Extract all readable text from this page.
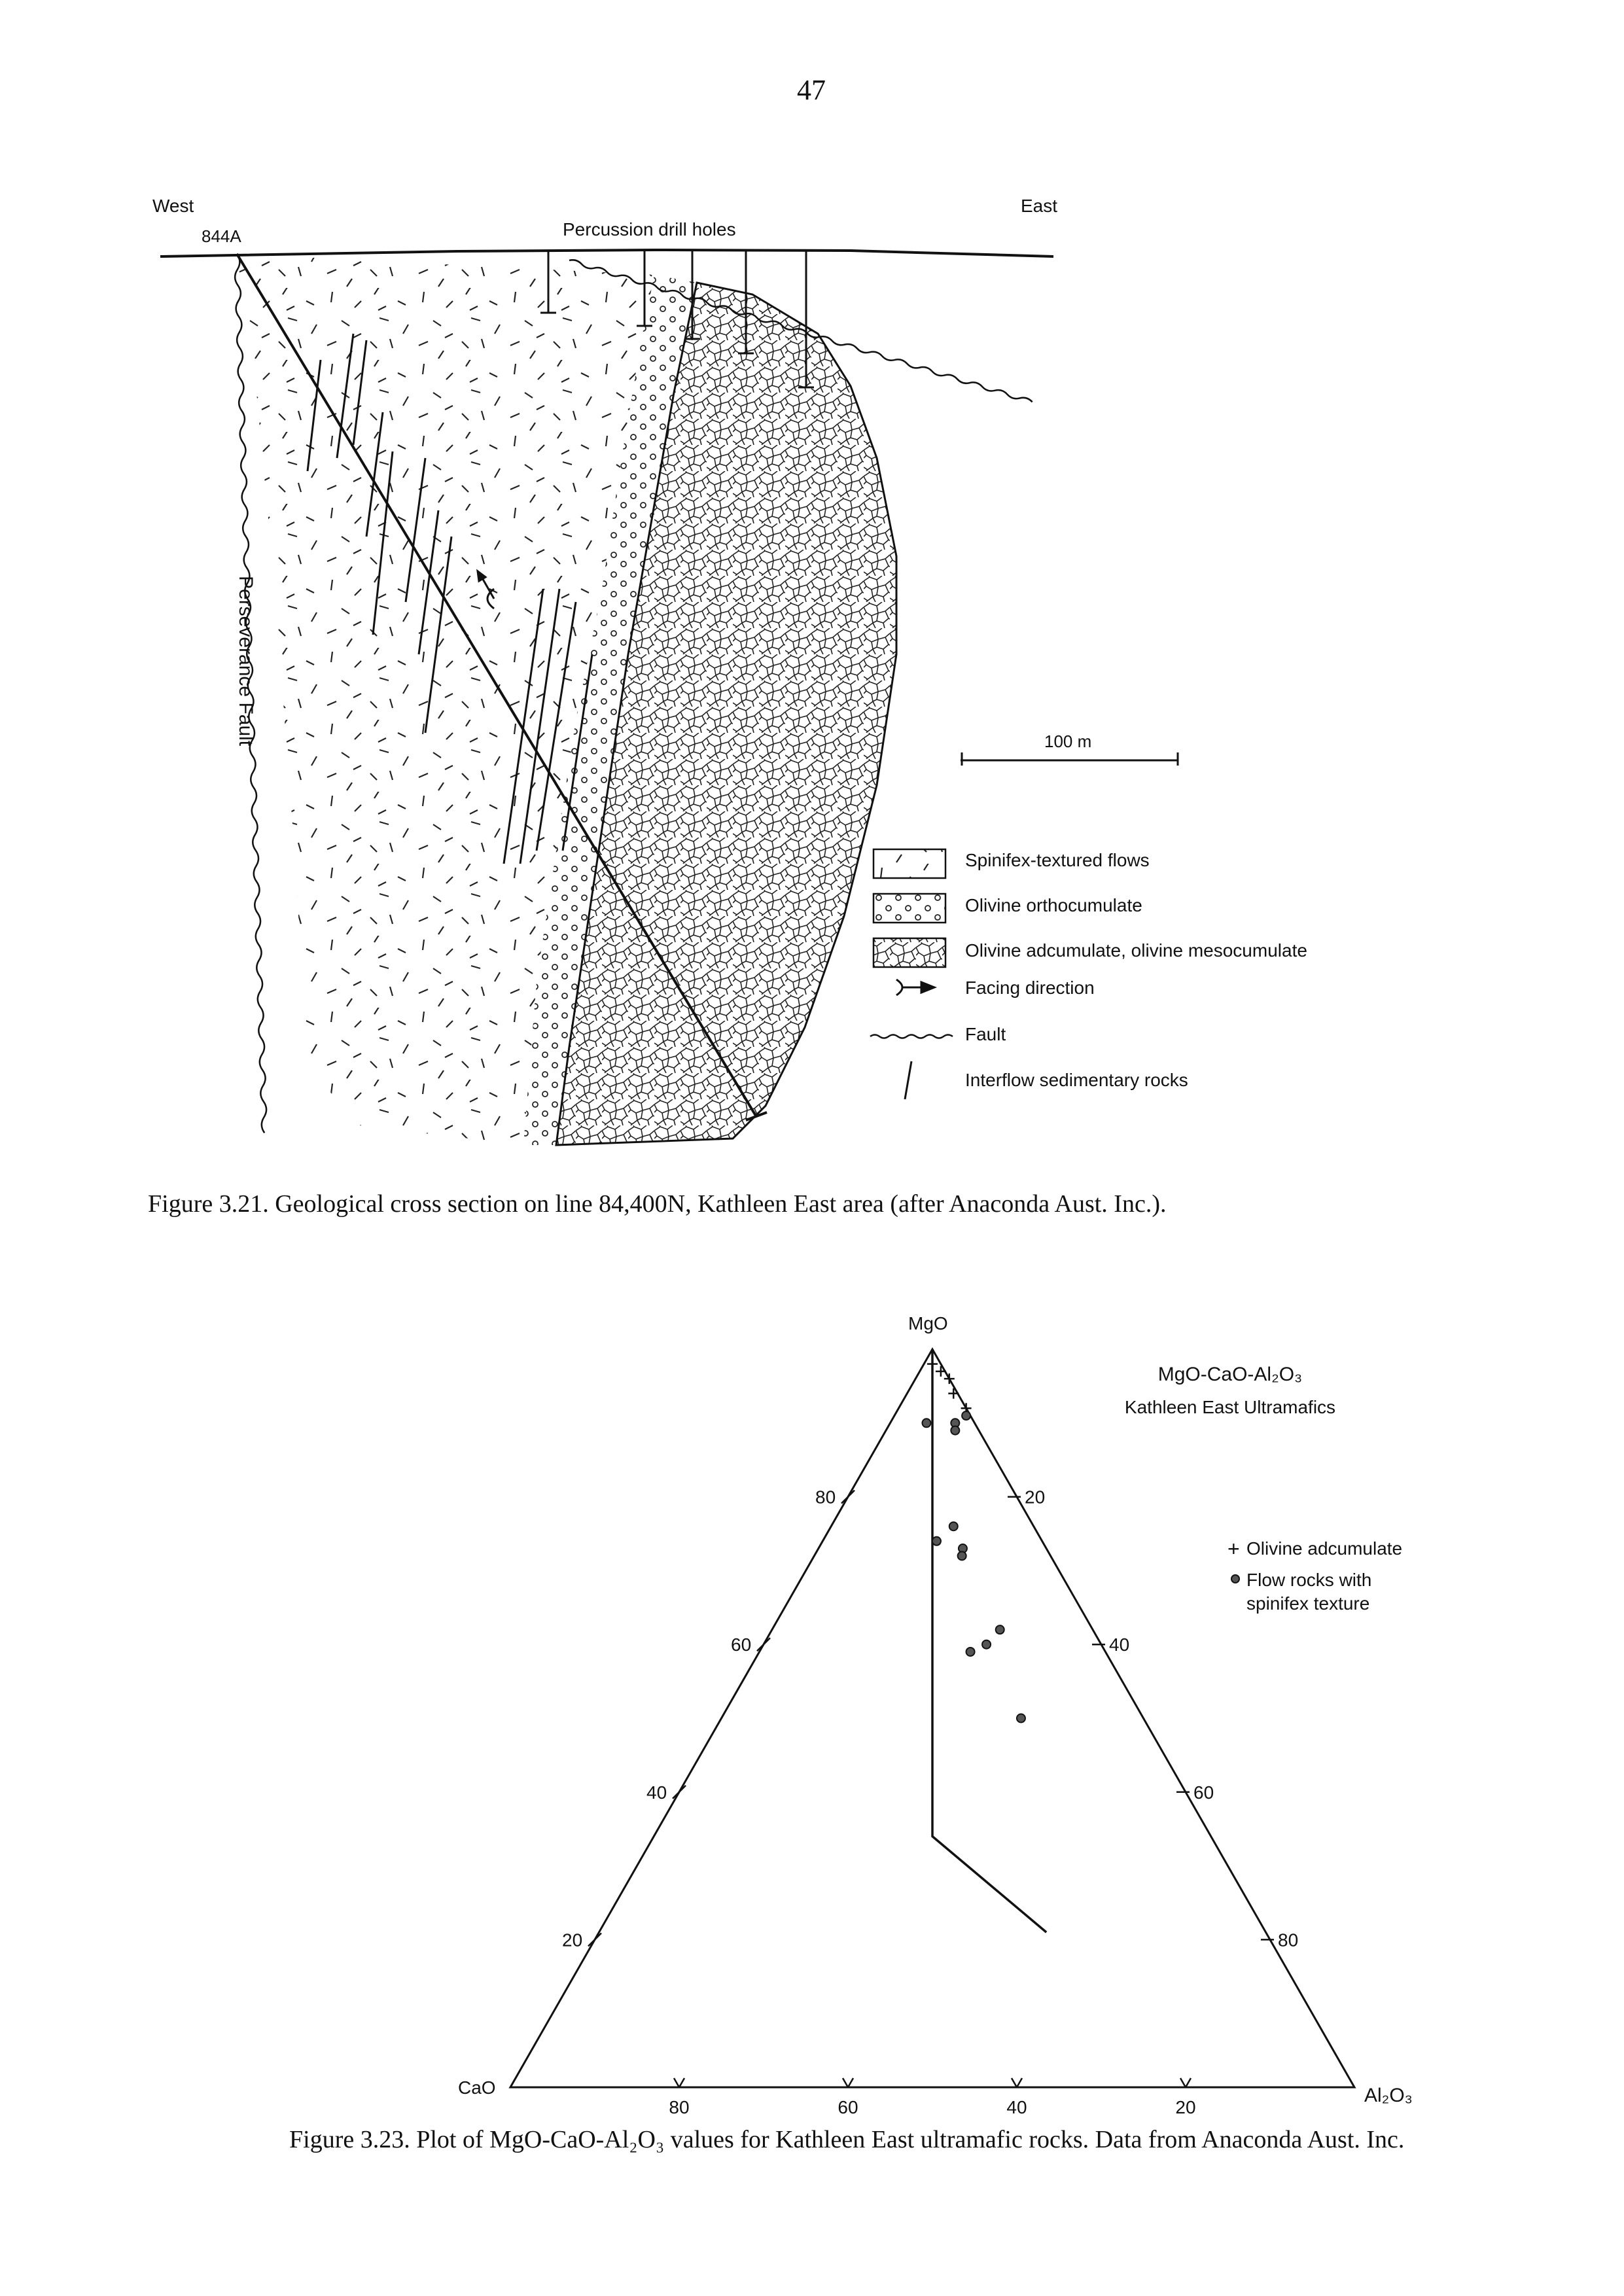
47
West	East
844A	Percussion drill holes
Perseverance Fault	100 m
Spinifex-textured flows
Olivine orthocumulate
Olivine adcumulate, olivine mesocumulate
Facing direction
Fault
Interflow sedimentary rocks
Figure 3.21. Geological cross section on line 84,400N, Kathleen East area (after Anaconda Aust. Inc.).
20
40
60
80	20
40
60
80
20
40
60
80
MgO
CaO	Al₂O₃
MgO-CaO-Al₂O₃
Kathleen East Ultramafics
+ Olivine adcumulate
Flow rocks with
spinifex texture
Figure 3.23. Plot of MgO-CaO-Al₂O₃ values for Kathleen East ultramafic rocks. Data from Anaconda Aust. Inc.
